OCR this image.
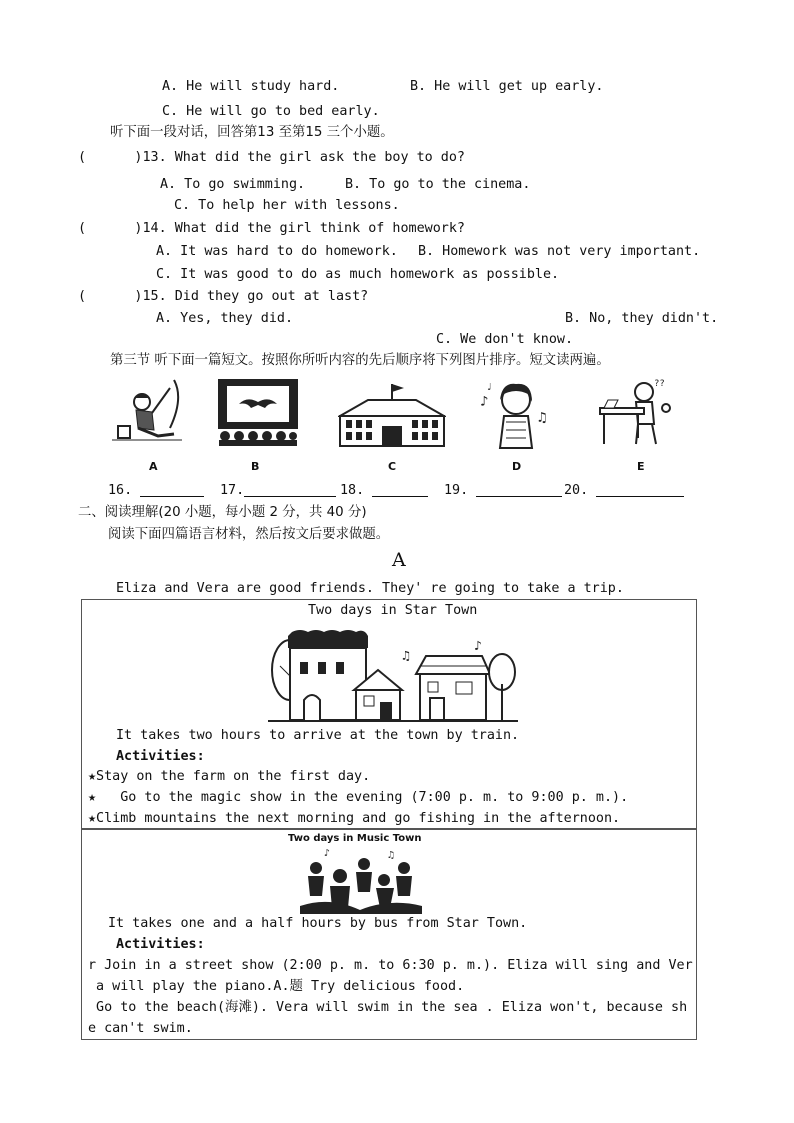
A. He will study hard.	B. He will get up early.
C. He will go to bed early.
听下面一段对话，回答第13 至第15 三个小题。
(      )13. What did the girl ask the boy to do?
A. To go swimming.	B. To go to the cinema.
C. To help her with lessons.
(      )14. What did the girl think of homework?
A. It was hard to do homework. B. Homework was not very important.
C. It was good to do as much homework as possible.
(      )15. Did they go out at last?
A. Yes, they did.	B. No, they didn't.
C. We don't know.
第三节 听下面一篇短文。按照你所听内容的先后顺序将下列图片排序。短文读两遍。
♪
♫
♩	??
A	B	C	D	E
16.	17.	18.	19.	20.
二、阅读理解(20 小题，每小题 2 分，共 40 分)
阅读下面四篇语言材料，然后按文后要求做题。
A
Eliza and Vera are good friends. They' re going to take a trip.
Two days in Star Town
♫
♪
It takes two hours to arrive at the town by train.
Activities:
★Stay on the farm on the first day.
★   Go to the magic show in the evening (7:00 p. m. to 9:00 p. m.).
★Climb mountains the next morning and go fishing in the afternoon.
Two days in Music Town
♪	♫
It takes one and a half hours by bus from Star Town.
Activities:
r Join in a street show (2:00 p. m. to 6:30 p. m.). Eliza will sing and Ver
a will play the piano.A.题 Try delicious food.
Go to the beach(海滩). Vera will swim in the sea . Eliza won't, because sh
e can't swim.
